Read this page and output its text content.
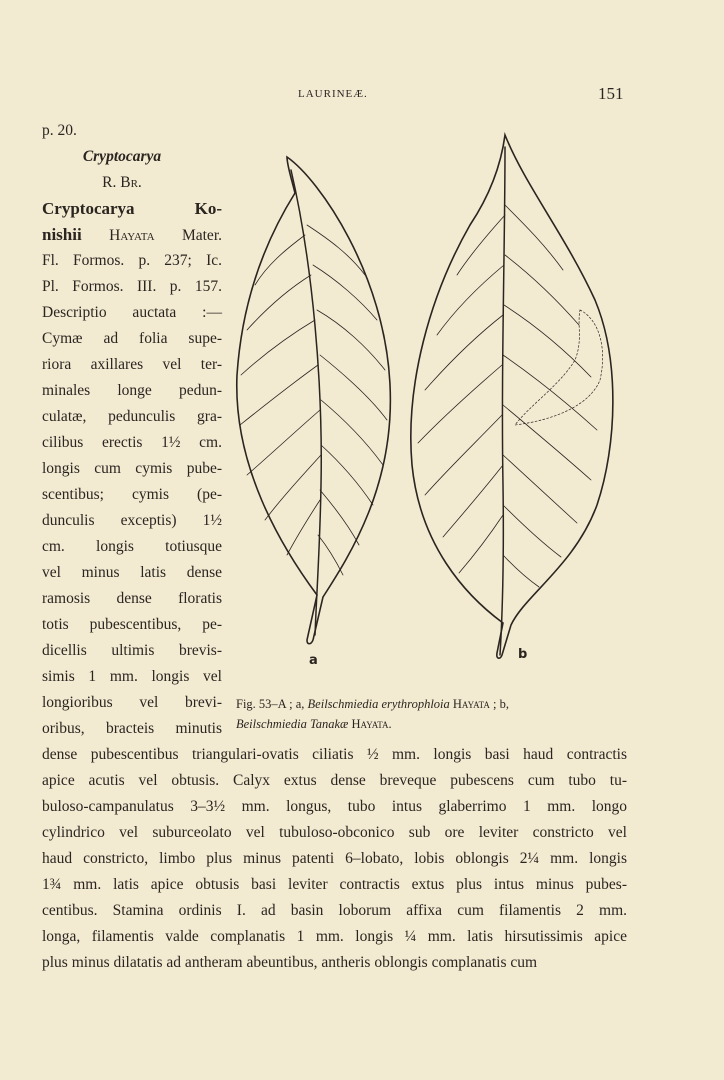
LAURINEÆ.	151
p. 20.
Cryptocarya
R. Br.
Cryptocarya Ko-
nishii Hayata Mater.
Fl. Formos. p. 237; Ic.
Pl. Formos. III. p. 157.
Descriptio auctata :—
Cymæ ad folia supe-
riora axillares vel ter-
minales longe pedun-
culatæ, pedunculis gra-
cilibus erectis 1½ cm.
longis cum cymis pube-
scentibus; cymis (pe-
dunculis exceptis) 1½
cm. longis totiusque
vel minus latis dense
ramosis dense floratis
totis pubescentibus, pe-
dicellis ultimis brevis-
simis 1 mm. longis vel
longioribus vel brevi-
oribus, bracteis minutis
a	b
Fig. 53–A ; a, Beilschmiedia erythrophloia Hayata ; b,
Beilschmiedia Tanakæ Hayata.
dense pubescentibus triangulari-ovatis ciliatis ½ mm. longis basi haud contractis
apice acutis vel obtusis. Calyx extus dense breveque pubescens cum tubo tu-
buloso-campanulatus 3–3½ mm. longus, tubo intus glaberrimo 1 mm. longo
cylindrico vel suburceolato vel tubuloso-obconico sub ore leviter constricto vel
haud constricto, limbo plus minus patenti 6–lobato, lobis oblongis 2¼ mm. longis
1¾ mm. latis apice obtusis basi leviter contractis extus plus intus minus pubes-
centibus. Stamina ordinis I. ad basin loborum affixa cum filamentis 2 mm.
longa, filamentis valde complanatis 1 mm. longis ¼ mm. latis hirsutissimis apice
plus minus dilatatis ad antheram abeuntibus, antheris oblongis complanatis cum
